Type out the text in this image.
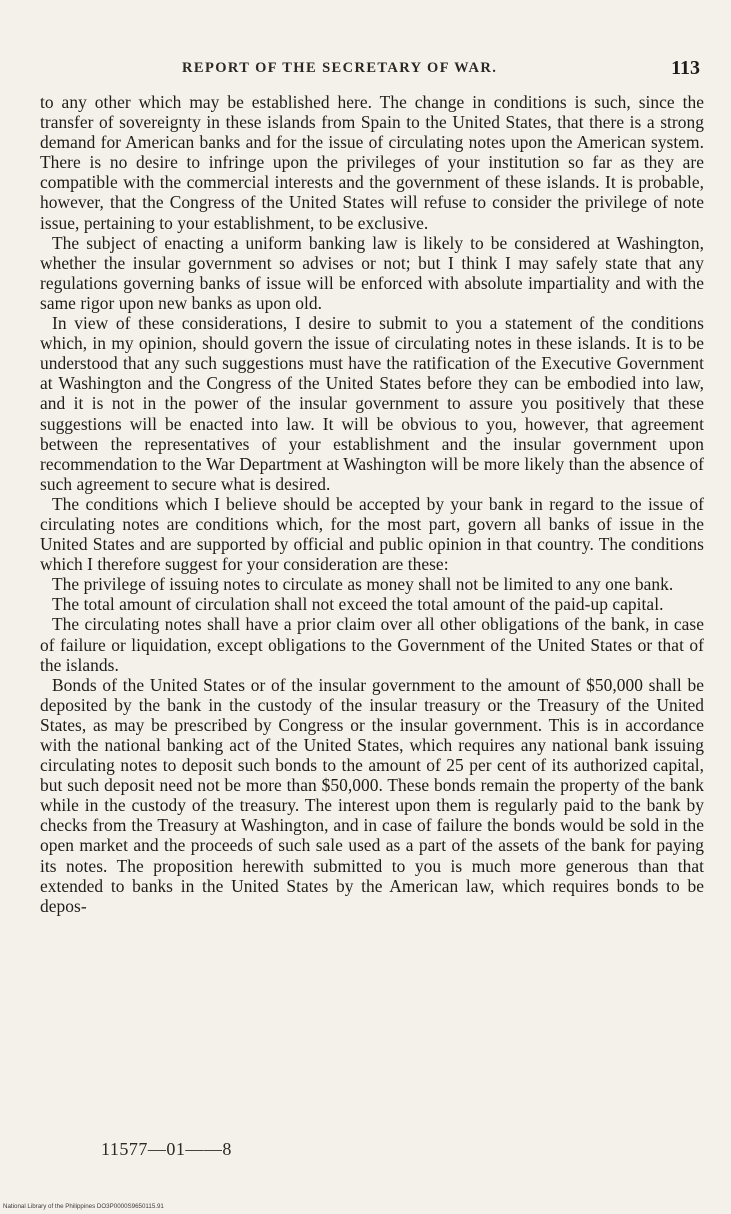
REPORT OF THE SECRETARY OF WAR.	113

to any other which may be established here. The change in conditions is such, since the transfer of sovereignty in these islands from Spain to the United States, that there is a strong demand for American banks and for the issue of circulating notes upon the American system. There is no desire to infringe upon the privileges of your institution so far as they are compatible with the commercial interests and the government of these islands. It is probable, however, that the Congress of the United States will refuse to consider the privilege of note issue, pertaining to your establishment, to be exclusive.

The subject of enacting a uniform banking law is likely to be considered at Washington, whether the insular government so advises or not; but I think I may safely state that any regulations governing banks of issue will be enforced with absolute impartiality and with the same rigor upon new banks as upon old.

In view of these considerations, I desire to submit to you a statement of the conditions which, in my opinion, should govern the issue of circulating notes in these islands. It is to be understood that any such suggestions must have the ratification of the Executive Government at Washington and the Congress of the United States before they can be embodied into law, and it is not in the power of the insular government to assure you positively that these suggestions will be enacted into law. It will be obvious to you, however, that agreement between the representatives of your establishment and the insular government upon recommendation to the War Department at Washington will be more likely than the absence of such agreement to secure what is desired.

The conditions which I believe should be accepted by your bank in regard to the issue of circulating notes are conditions which, for the most part, govern all banks of issue in the United States and are supported by official and public opinion in that country. The conditions which I therefore suggest for your consideration are these:

The privilege of issuing notes to circulate as money shall not be limited to any one bank.

The total amount of circulation shall not exceed the total amount of the paid-up capital.

The circulating notes shall have a prior claim over all other obligations of the bank, in case of failure or liquidation, except obligations to the Government of the United States or that of the islands.

Bonds of the United States or of the insular government to the amount of $50,000 shall be deposited by the bank in the custody of the insular treasury or the Treasury of the United States, as may be prescribed by Congress or the insular government. This is in accordance with the national banking act of the United States, which requires any national bank issuing circulating notes to deposit such bonds to the amount of 25 per cent of its authorized capital, but such deposit need not be more than $50,000. These bonds remain the property of the bank while in the custody of the treasury. The interest upon them is regularly paid to the bank by checks from the Treasury at Washington, and in case of failure the bonds would be sold in the open market and the proceeds of such sale used as a part of the assets of the bank for paying its notes. The proposition herewith submitted to you is much more generous than that extended to banks in the United States by the American law, which requires bonds to be depos-

11577—01——8
National Library of the Philippines DO3P0000S9650115.91
